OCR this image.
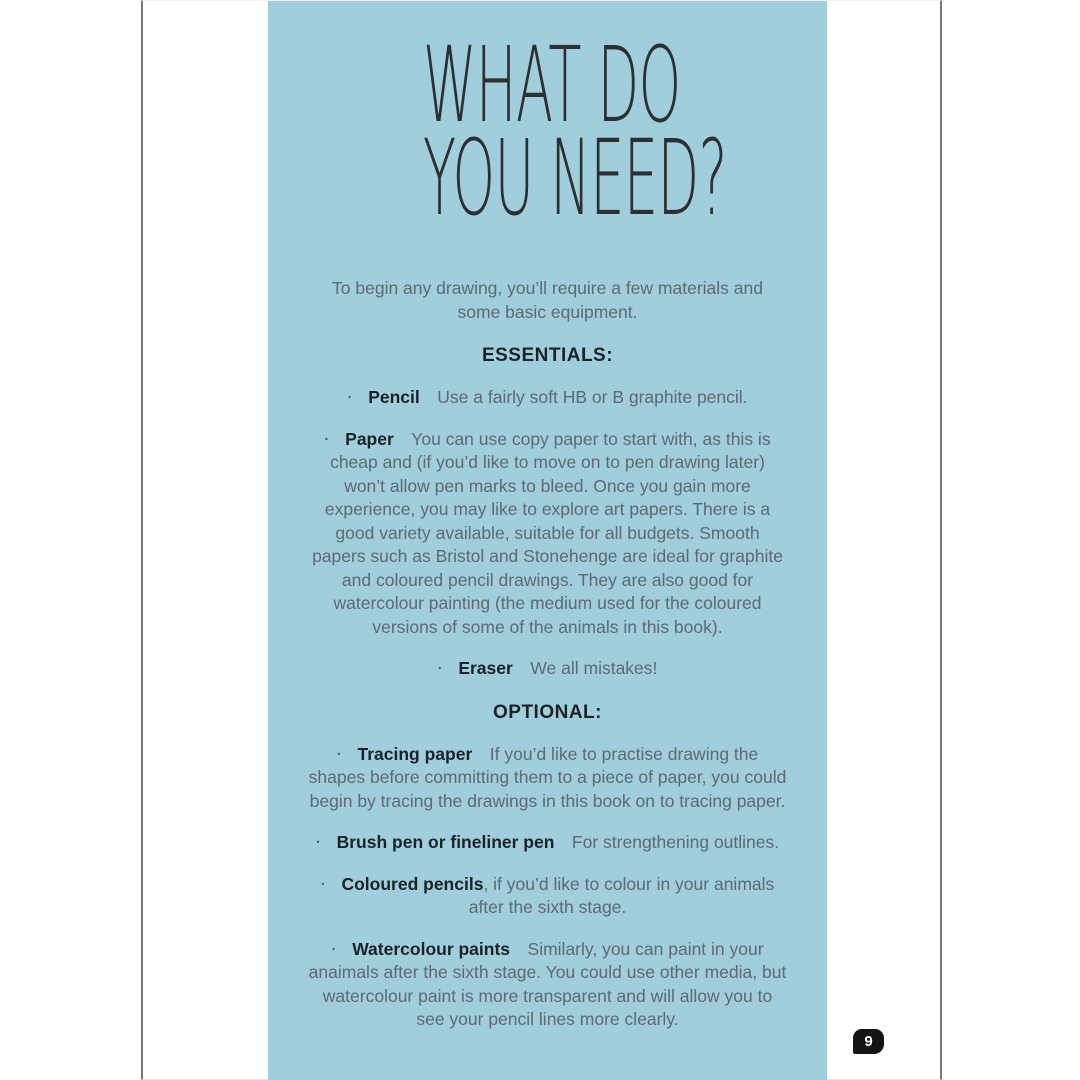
WHAT DO
YOU NEED?

To begin any drawing, you’ll require a few materials and some basic equipment.

ESSENTIALS:

· Pencil Use a fairly soft HB or B graphite pencil.

· Paper You can use copy paper to start with, as this is cheap and (if you’d like to move on to pen drawing later) won’t allow pen marks to bleed. Once you gain more experience, you may like to explore art papers. There is a good variety available, suitable for all budgets. Smooth papers such as Bristol and Stonehenge are ideal for graphite and coloured pencil drawings. They are also good for watercolour painting (the medium used for the coloured versions of some of the animals in this book).

· Eraser We all mistakes!

OPTIONAL:

· Tracing paper If you’d like to practise drawing the shapes before committing them to a piece of paper, you could begin by tracing the drawings in this book on to tracing paper.

· Brush pen or fineliner pen For strengthening outlines.

· Coloured pencils, if you’d like to colour in your animals after the sixth stage.

· Watercolour paints Similarly, you can paint in your anaimals after the sixth stage. You could use other media, but watercolour paint is more transparent and will allow you to see your pencil lines more clearly.

9
